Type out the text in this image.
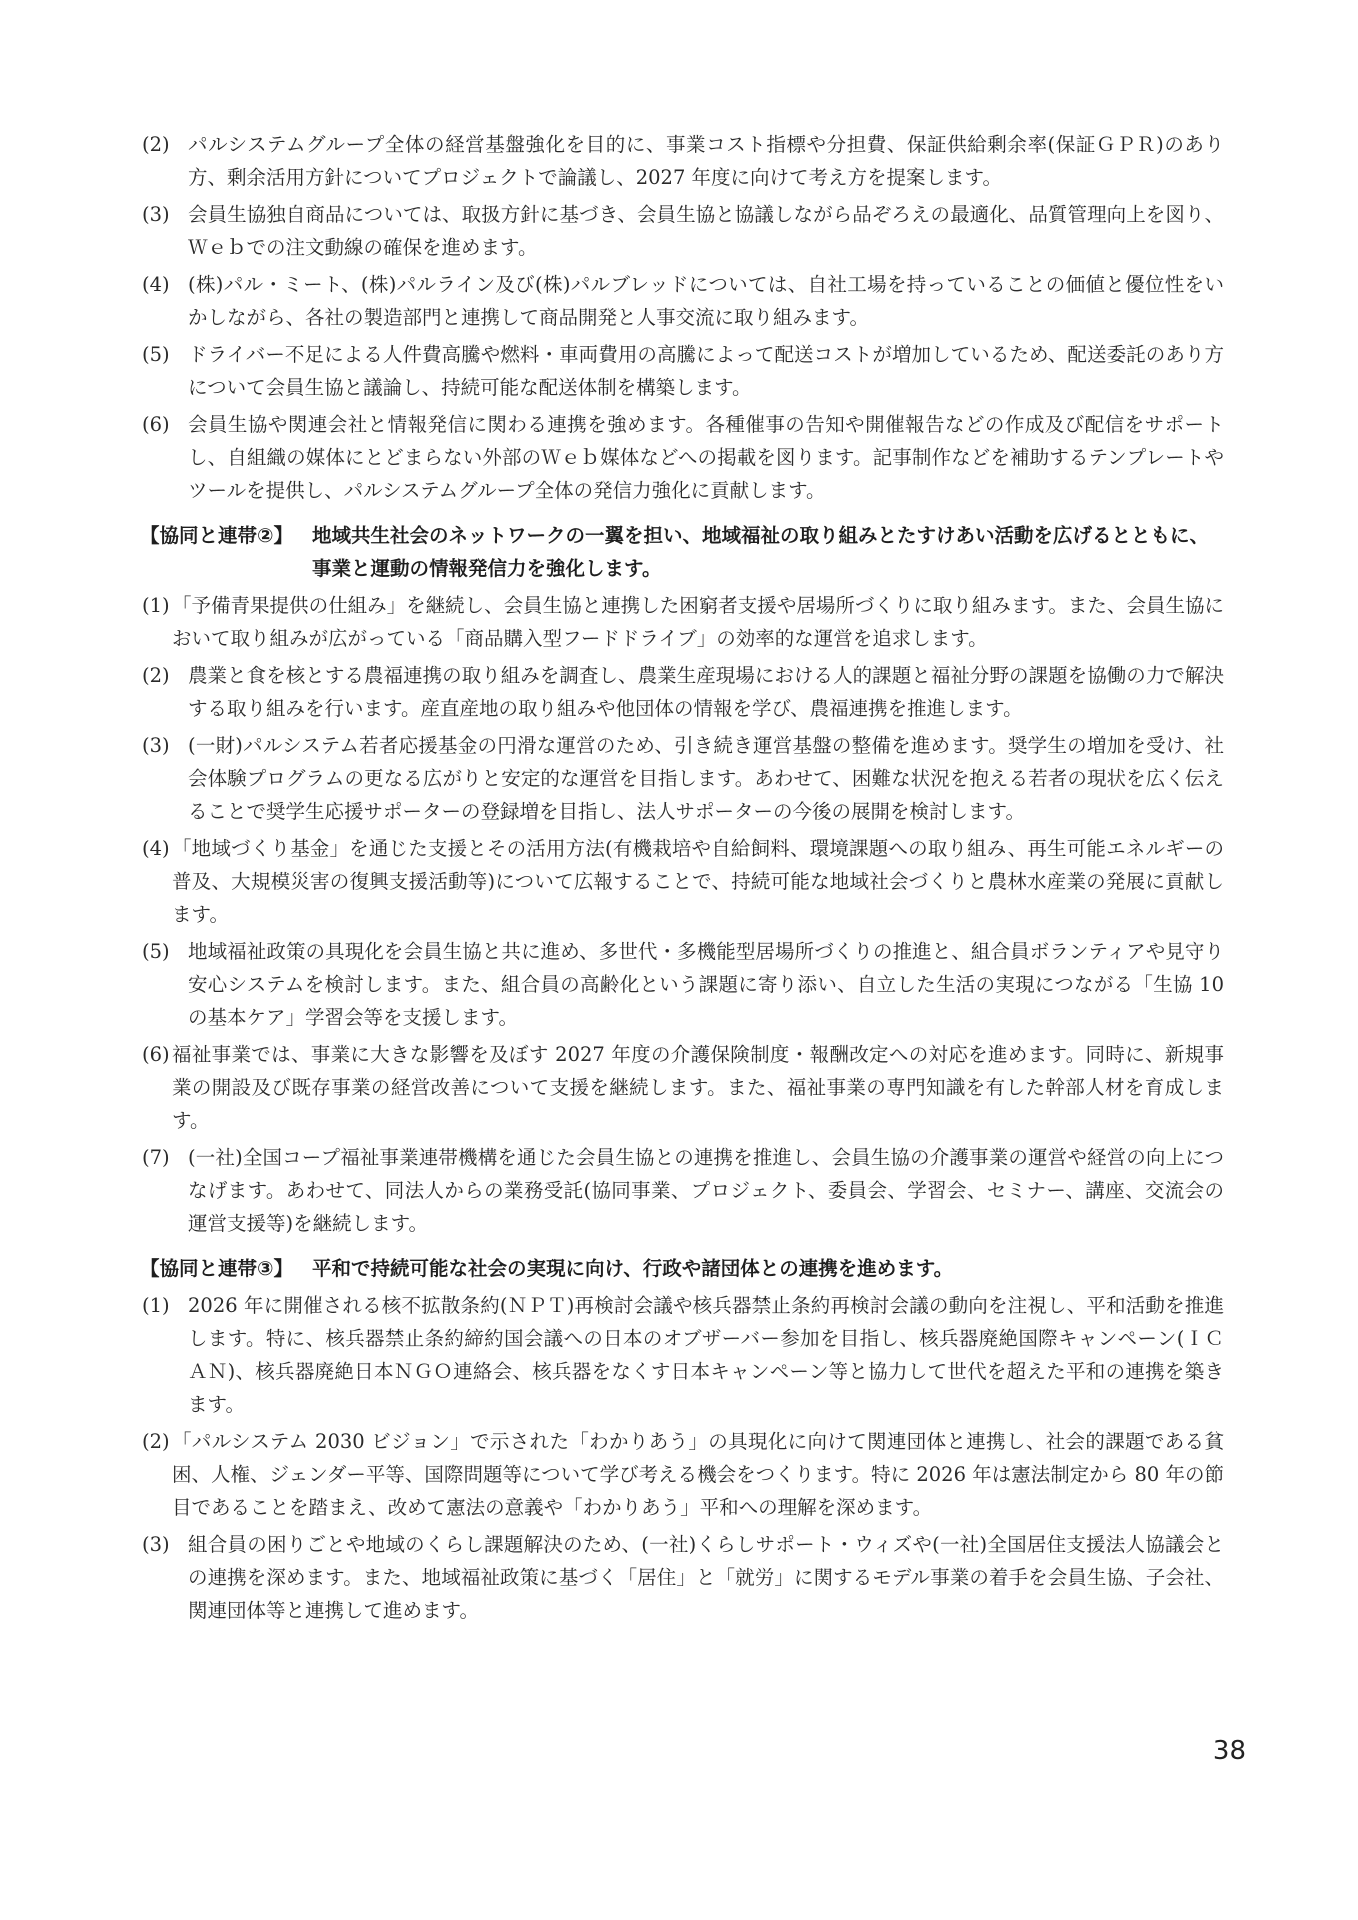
(2) パルシステムグループ全体の経営基盤強化を目的に、事業コスト指標や分担費、保証供給剰余率(保証ＧＰＲ)のあり方、剰余活用方針についてプロジェクトで論議し、2027 年度に向けて考え方を提案します。
(3) 会員生協独自商品については、取扱方針に基づき、会員生協と協議しながら品ぞろえの最適化、品質管理向上を図り、Ｗｅｂでの注文動線の確保を進めます。
(4) (株)パル・ミート、(株)パルライン及び(株)パルブレッドについては、自社工場を持っていることの価値と優位性をいかしながら、各社の製造部門と連携して商品開発と人事交流に取り組みます。
(5) ドライバー不足による人件費高騰や燃料・車両費用の高騰によって配送コストが増加しているため、配送委託のあり方について会員生協と議論し、持続可能な配送体制を構築します。
(6) 会員生協や関連会社と情報発信に関わる連携を強めます。各種催事の告知や開催報告などの作成及び配信をサポートし、自組織の媒体にとどまらない外部のＷｅｂ媒体などへの掲載を図ります。記事制作などを補助するテンプレートやツールを提供し、パルシステムグループ全体の発信力強化に貢献します。
【協同と連帯②】 地域共生社会のネットワークの一翼を担い、地域福祉の取り組みとたすけあい活動を広げるとともに、事業と運動の情報発信力を強化します。
(1) 「予備青果提供の仕組み」を継続し、会員生協と連携した困窮者支援や居場所づくりに取り組みます。また、会員生協において取り組みが広がっている「商品購入型フードドライブ」の効率的な運営を追求します。
(2) 農業と食を核とする農福連携の取り組みを調査し、農業生産現場における人的課題と福祉分野の課題を協働の力で解決する取り組みを行います。産直産地の取り組みや他団体の情報を学び、農福連携を推進します。
(3) (一財)パルシステム若者応援基金の円滑な運営のため、引き続き運営基盤の整備を進めます。奨学生の増加を受け、社会体験プログラムの更なる広がりと安定的な運営を目指します。あわせて、困難な状況を抱える若者の現状を広く伝えることで奨学生応援サポーターの登録増を目指し、法人サポーターの今後の展開を検討します。
(4) 「地域づくり基金」を通じた支援とその活用方法(有機栽培や自給飼料、環境課題への取り組み、再生可能エネルギーの普及、大規模災害の復興支援活動等)について広報することで、持続可能な地域社会づくりと農林水産業の発展に貢献します。
(5) 地域福祉政策の具現化を会員生協と共に進め、多世代・多機能型居場所づくりの推進と、組合員ボランティアや見守り安心システムを検討します。また、組合員の高齢化という課題に寄り添い、自立した生活の実現につながる「生協 10 の基本ケア」学習会等を支援します。
(6) 福祉事業では、事業に大きな影響を及ぼす 2027 年度の介護保険制度・報酬改定への対応を進めます。同時に、新規事業の開設及び既存事業の経営改善について支援を継続します。また、福祉事業の専門知識を有した幹部人材を育成します。
(7) (一社)全国コープ福祉事業連帯機構を通じた会員生協との連携を推進し、会員生協の介護事業の運営や経営の向上につなげます。あわせて、同法人からの業務受託(協同事業、プロジェクト、委員会、学習会、セミナー、講座、交流会の運営支援等)を継続します。
【協同と連帯③】 平和で持続可能な社会の実現に向け、行政や諸団体との連携を進めます。
(1) 2026 年に開催される核不拡散条約(ＮＰＴ)再検討会議や核兵器禁止条約再検討会議の動向を注視し、平和活動を推進します。特に、核兵器禁止条約締約国会議への日本のオブザーバー参加を目指し、核兵器廃絶国際キャンペーン(ＩＣＡＮ)、核兵器廃絶日本ＮＧＯ連絡会、核兵器をなくす日本キャンペーン等と協力して世代を超えた平和の連携を築きます。
(2) 「パルシステム 2030 ビジョン」で示された「わかりあう」の具現化に向けて関連団体と連携し、社会的課題である貧困、人権、ジェンダー平等、国際問題等について学び考える機会をつくります。特に 2026 年は憲法制定から 80 年の節目であることを踏まえ、改めて憲法の意義や「わかりあう」平和への理解を深めます。
(3) 組合員の困りごとや地域のくらし課題解決のため、(一社)くらしサポート・ウィズや(一社)全国居住支援法人協議会との連携を深めます。また、地域福祉政策に基づく「居住」と「就労」に関するモデル事業の着手を会員生協、子会社、関連団体等と連携して進めます。
38
